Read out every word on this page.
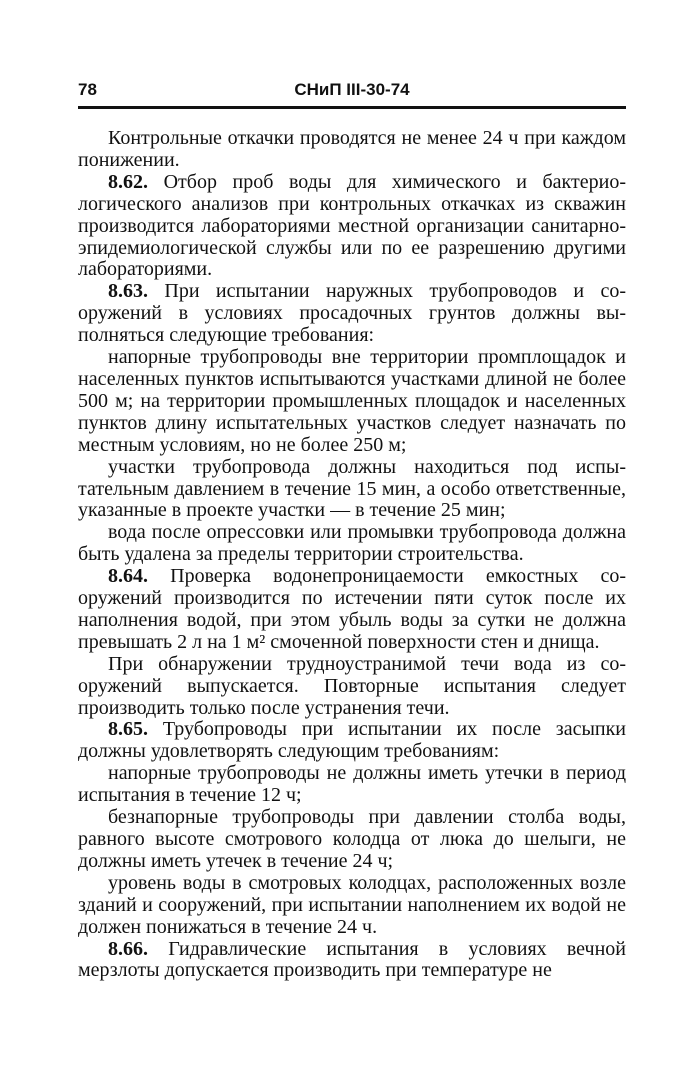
78	СНиП III-30-74

Контрольные откачки проводятся не менее 24 ч при каждом понижении.

8.62. Отбор проб воды для химического и бактериологического анализов при контрольных откачках из скважин производится лабораториями местной организации санитарно-эпидемиологической службы или по ее разрешению другими лабораториями.

8.63. При испытании наружных трубопроводов и сооружений в условиях просадочных грунтов должны выполняться следующие требования:

напорные трубопроводы вне территории промплощадок и населенных пунктов испытываются участками длиной не более 500 м; на территории промышленных площадок и населенных пунктов длину испытательных участков следует назначать по местным условиям, но не более 250 м;

участки трубопровода должны находиться под испытательным давлением в течение 15 мин, а особо ответственные, указанные в проекте участки — в течение 25 мин;

вода после опрессовки или промывки трубопровода должна быть удалена за пределы территории строительства.

8.64. Проверка водонепроницаемости емкостных сооружений производится по истечении пяти суток после их наполнения водой, при этом убыль воды за сутки не должна превышать 2 л на 1 м² смоченной поверхности стен и днища.

При обнаружении трудноустранимой течи вода из сооружений выпускается. Повторные испытания следует производить только после устранения течи.

8.65. Трубопроводы при испытании их после засыпки должны удовлетворять следующим требованиям:

напорные трубопроводы не должны иметь утечки в период испытания в течение 12 ч;

безнапорные трубопроводы при давлении столба воды, равного высоте смотрового колодца от люка до шелыги, не должны иметь утечек в течение 24 ч;

уровень воды в смотровых колодцах, расположенных возле зданий и сооружений, при испытании наполнением их водой не должен понижаться в течение 24 ч.

8.66. Гидравлические испытания в условиях вечной мерзлоты допускается производить при температуре не
